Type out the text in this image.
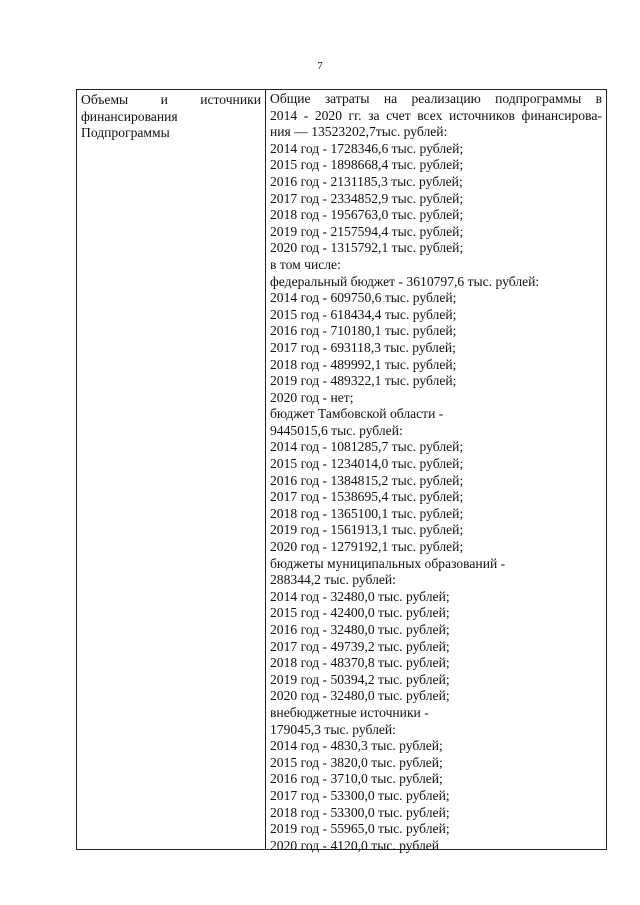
7
Объемы и источники
финансирования
Подпрограммы
Общие затраты на реализацию подпрограммы в
2014 - 2020 гг. за счет всех источников финансирова-
ния — 13523202,7тыс. рублей:
2014 год - 1728346,6 тыс. рублей;
2015 год - 1898668,4 тыс. рублей;
2016 год - 2131185,3 тыс. рублей;
2017 год - 2334852,9 тыс. рублей;
2018 год - 1956763,0 тыс. рублей;
2019 год - 2157594,4 тыс. рублей;
2020 год - 1315792,1 тыс. рублей;
в том числе:
федеральный бюджет - 3610797,6 тыс. рублей:
2014 год - 609750,6 тыс. рублей;
2015 год - 618434,4 тыс. рублей;
2016 год - 710180,1 тыс. рублей;
2017 год - 693118,3 тыс. рублей;
2018 год - 489992,1 тыс. рублей;
2019 год - 489322,1 тыс. рублей;
2020 год - нет;
бюджет Тамбовской области -
9445015,6 тыс. рублей:
2014 год - 1081285,7 тыс. рублей;
2015 год - 1234014,0 тыс. рублей;
2016 год - 1384815,2 тыс. рублей;
2017 год - 1538695,4 тыс. рублей;
2018 год - 1365100,1 тыс. рублей;
2019 год - 1561913,1 тыс. рублей;
2020 год - 1279192,1 тыс. рублей;
бюджеты муниципальных образований -
288344,2 тыс. рублей:
2014 год - 32480,0 тыс. рублей;
2015 год - 42400,0 тыс. рублей;
2016 год - 32480,0 тыс. рублей;
2017 год - 49739,2 тыс. рублей;
2018 год - 48370,8 тыс. рублей;
2019 год - 50394,2 тыс. рублей;
2020 год - 32480,0 тыс. рублей;
внебюджетные источники -
179045,3 тыс. рублей:
2014 год - 4830,3 тыс. рублей;
2015 год - 3820,0 тыс. рублей;
2016 год - 3710,0 тыс. рублей;
2017 год - 53300,0 тыс. рублей;
2018 год - 53300,0 тыс. рублей;
2019 год - 55965,0 тыс. рублей;
2020 год - 4120,0 тыс. рублей
